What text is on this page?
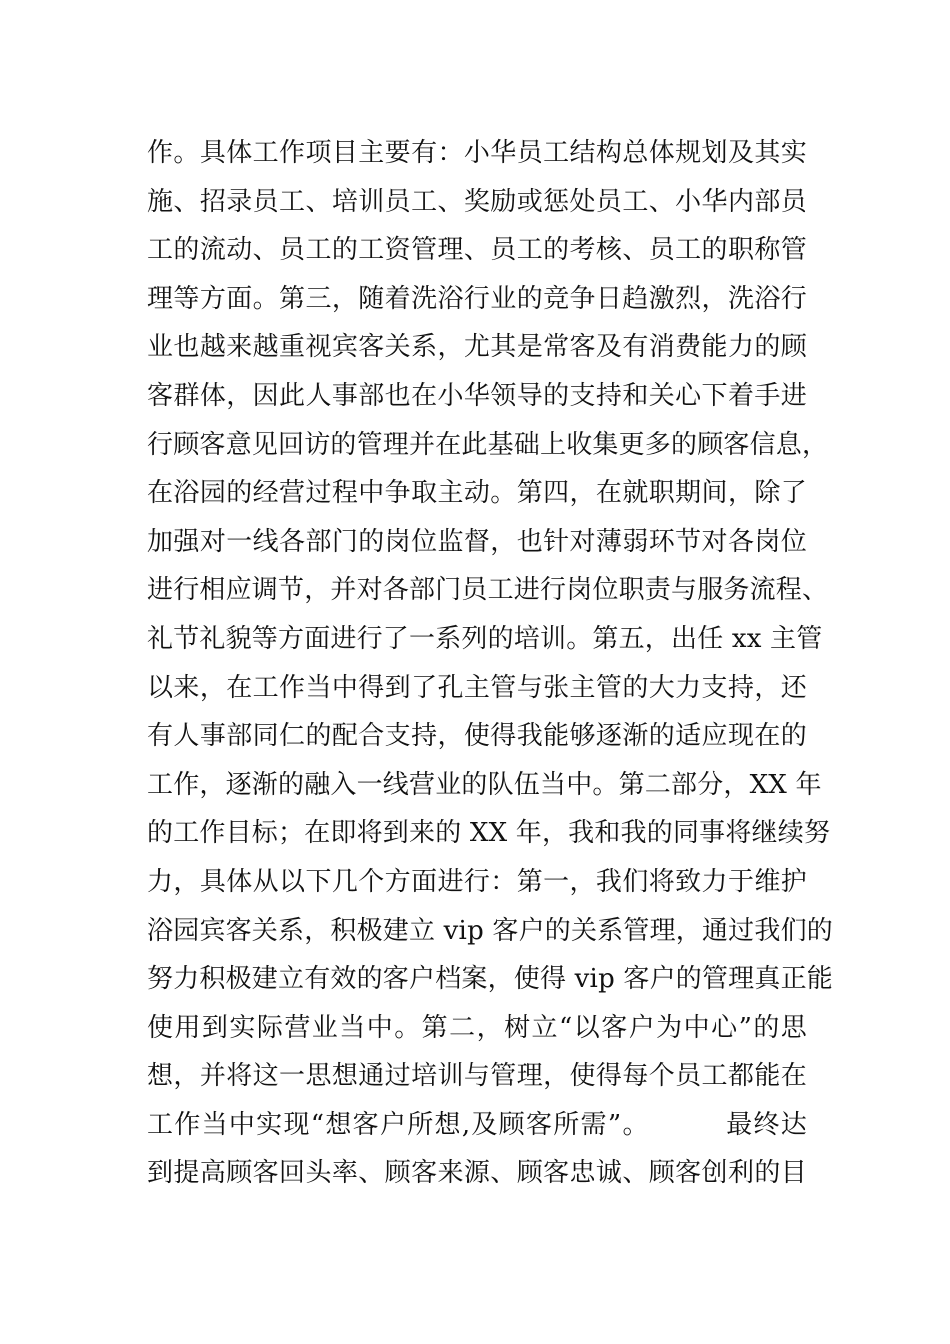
作。具体工作项目主要有：小华员工结构总体规划及其实
施、招录员工、培训员工、奖励或惩处员工、小华内部员
工的流动、员工的工资管理、员工的考核、员工的职称管
理等方面。第三，随着洗浴行业的竞争日趋激烈，洗浴行
业也越来越重视宾客关系，尤其是常客及有消费能力的顾
客群体，因此人事部也在小华领导的支持和关心下着手进
行顾客意见回访的管理并在此基础上收集更多的顾客信息，
在浴园的经营过程中争取主动。第四，在就职期间，除了
加强对一线各部门的岗位监督，也针对薄弱环节对各岗位
进行相应调节，并对各部门员工进行岗位职责与服务流程、
礼节礼貌等方面进行了一系列的培训。第五，出任 xx 主管
以来，在工作当中得到了孔主管与张主管的大力支持，还
有人事部同仁的配合支持，使得我能够逐渐的适应现在的
工作，逐渐的融入一线营业的队伍当中。第二部分，XX 年
的工作目标；在即将到来的 XX 年，我和我的同事将继续努
力，具体从以下几个方面进行：第一，我们将致力于维护
浴园宾客关系，积极建立 vip 客户的关系管理，通过我们的
努力积极建立有效的客户档案，使得 vip 客户的管理真正能
使用到实际营业当中。第二，树立“以客户为中心”的思
想，并将这一思想通过培训与管理，使得每个员工都能在
工作当中实现“想客户所想,及顾客所需”。        最终达
到提高顾客回头率、顾客来源、顾客忠诚、顾客创利的目
